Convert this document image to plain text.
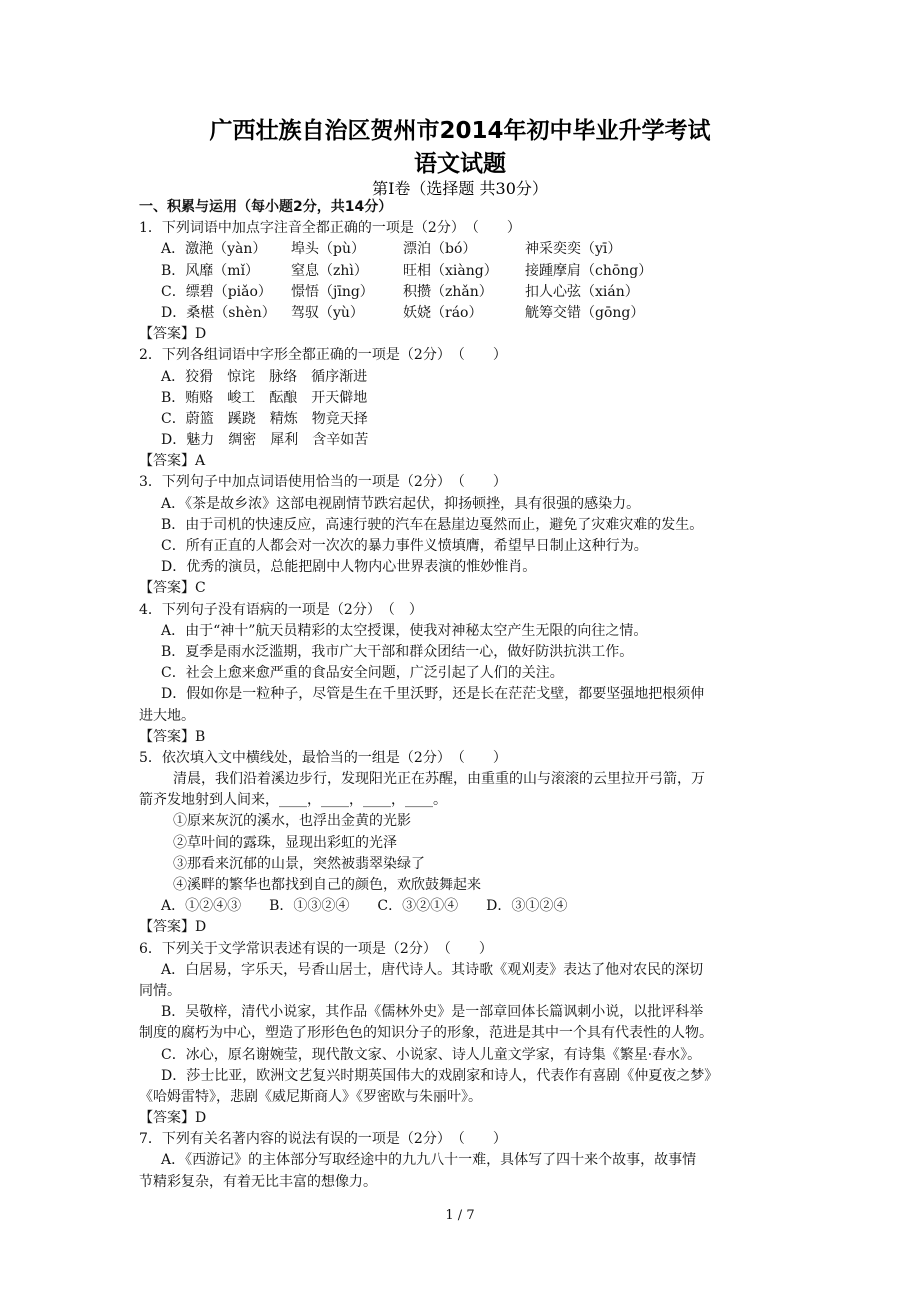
广西壮族自治区贺州市2014年初中毕业升学考试
语文试题
第Ⅰ卷（选择题 共30分）
一、积累与运用（每小题2分，共14分）
1．下列词语中加点字注音全都正确的一项是（2分）　（　　）
A．激滟（yàn） 埠头（pù）	漂泊（bó）	神采奕奕（yī）
B．风靡（mǐ） 窒息（zhì）	旺相（xiàng） 接踵摩肩（chōng）
C．缥碧（piǎo） 憬悟（jīng） 积攒（zhǎn） 扣人心弦（xián）
D．桑椹（shèn） 驾驭（yù）	妖娆（ráo）	觥筹交错（gōng）
【答案】D
2．下列各组词语中字形全都正确的一项是（2分）　（　　）
A．狡猾　惊诧　脉络　循序渐进
B．贿赂　峻工　酝酿　开天僻地
C．蔚篮　蹊跷　精炼　物竞天择
D．魅力　绸密　犀利　含辛如苦
【答案】A
3．下列句子中加点词语使用恰当的一项是（2分）　（　　）
A．《茶是故乡浓》这部电视剧情节跌宕起伏，抑扬顿挫，具有很强的感染力。
B．由于司机的快速反应，高速行驶的汽车在悬崖边戛然而止，避免了灾难灾难的发生。
C．所有正直的人都会对一次次的暴力事件义愤填膺，希望早日制止这种行为。
D．优秀的演员，总能把剧中人物内心世界表演的惟妙惟肖。
【答案】C
4．下列句子没有语病的一项是（2分）　（　）
A．由于“神十”航天员精彩的太空授课，使我对神秘太空产生无限的向往之情。
B．夏季是雨水泛滥期，我市广大干部和群众团结一心，做好防洪抗洪工作。
C．社会上愈来愈严重的食品安全问题，广泛引起了人们的关注。
D．假如你是一粒种子，尽管是生在千里沃野，还是长在茫茫戈壁，都要坚强地把根须伸
进大地。
【答案】B
5．依次填入文中横线处，最恰当的一组是（2分）　（　　）
清晨，我们沿着溪边步行，发现阳光正在苏醒，由重重的山与滚滚的云里拉开弓箭，万
箭齐发地射到人间来，____，____，____，____。
①原来灰沉的溪水，也浮出金黄的光影
②草叶间的露珠，显现出彩虹的光泽
③那看来沉郁的山景，突然被翡翠染绿了
④溪畔的繁华也都找到自己的颜色，欢欣鼓舞起来
A．①②④③　　B．①③②④　　C．③②①④　　D．③①②④
【答案】D
6．下列关于文学常识表述有误的一项是（2分）　（　　）
A．白居易，字乐天，号香山居士，唐代诗人。其诗歌《观刈麦》表达了他对农民的深切
同情。
B．吴敬梓，清代小说家，其作品《儒林外史》是一部章回体长篇讽刺小说，以批评科举
制度的腐朽为中心，塑造了形形色色的知识分子的形象，范进是其中一个具有代表性的人物。
C．冰心，原名谢婉莹，现代散文家、小说家、诗人儿童文学家，有诗集《繁星·春水》。
D．莎士比亚，欧洲文艺复兴时期英国伟大的戏剧家和诗人，代表作有喜剧《仲夏夜之梦》
《哈姆雷特》，悲剧《威尼斯商人》《罗密欧与朱丽叶》。
【答案】D
7．下列有关名著内容的说法有误的一项是（2分）　（　　）
A．《西游记》的主体部分写取经途中的九九八十一难，具体写了四十来个故事，故事情
节精彩复杂，有着无比丰富的想像力。
1 / 7
